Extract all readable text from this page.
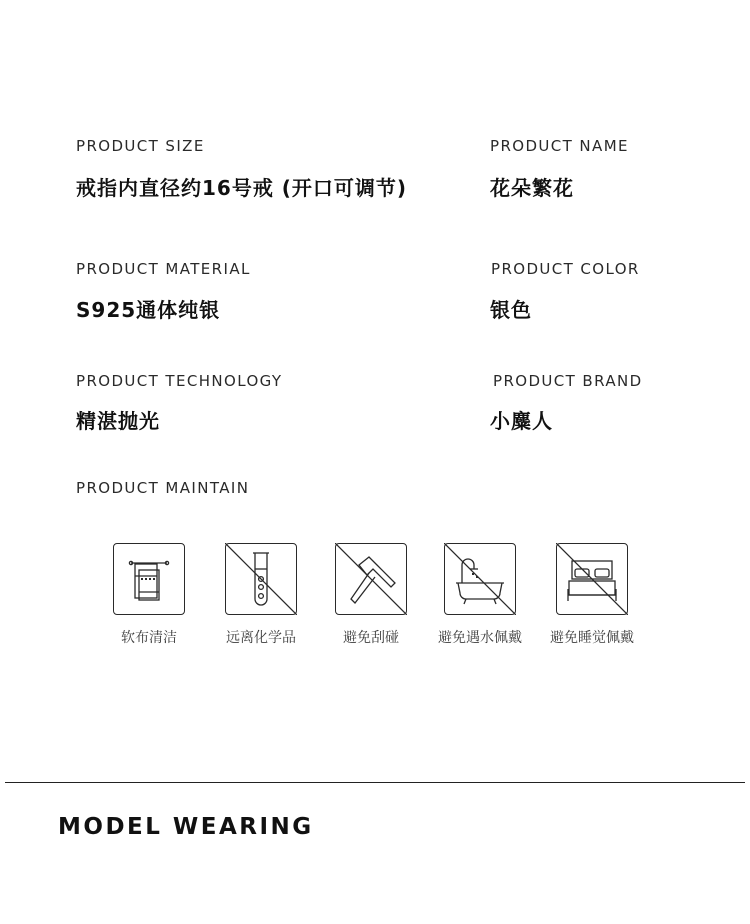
PRODUCT SIZE
戒指内直径约16号戒 (开口可调节)
PRODUCT NAME
花朵繁花
PRODUCT MATERIAL
S925通体纯银
PRODUCT COLOR
银色
PRODUCT TECHNOLOGY
精湛抛光
PRODUCT BRAND
小麋人
PRODUCT MAINTAIN
软布清洁	远离化学品	避免刮碰	避免遇水佩戴 避免睡觉佩戴
MODEL WEARING
